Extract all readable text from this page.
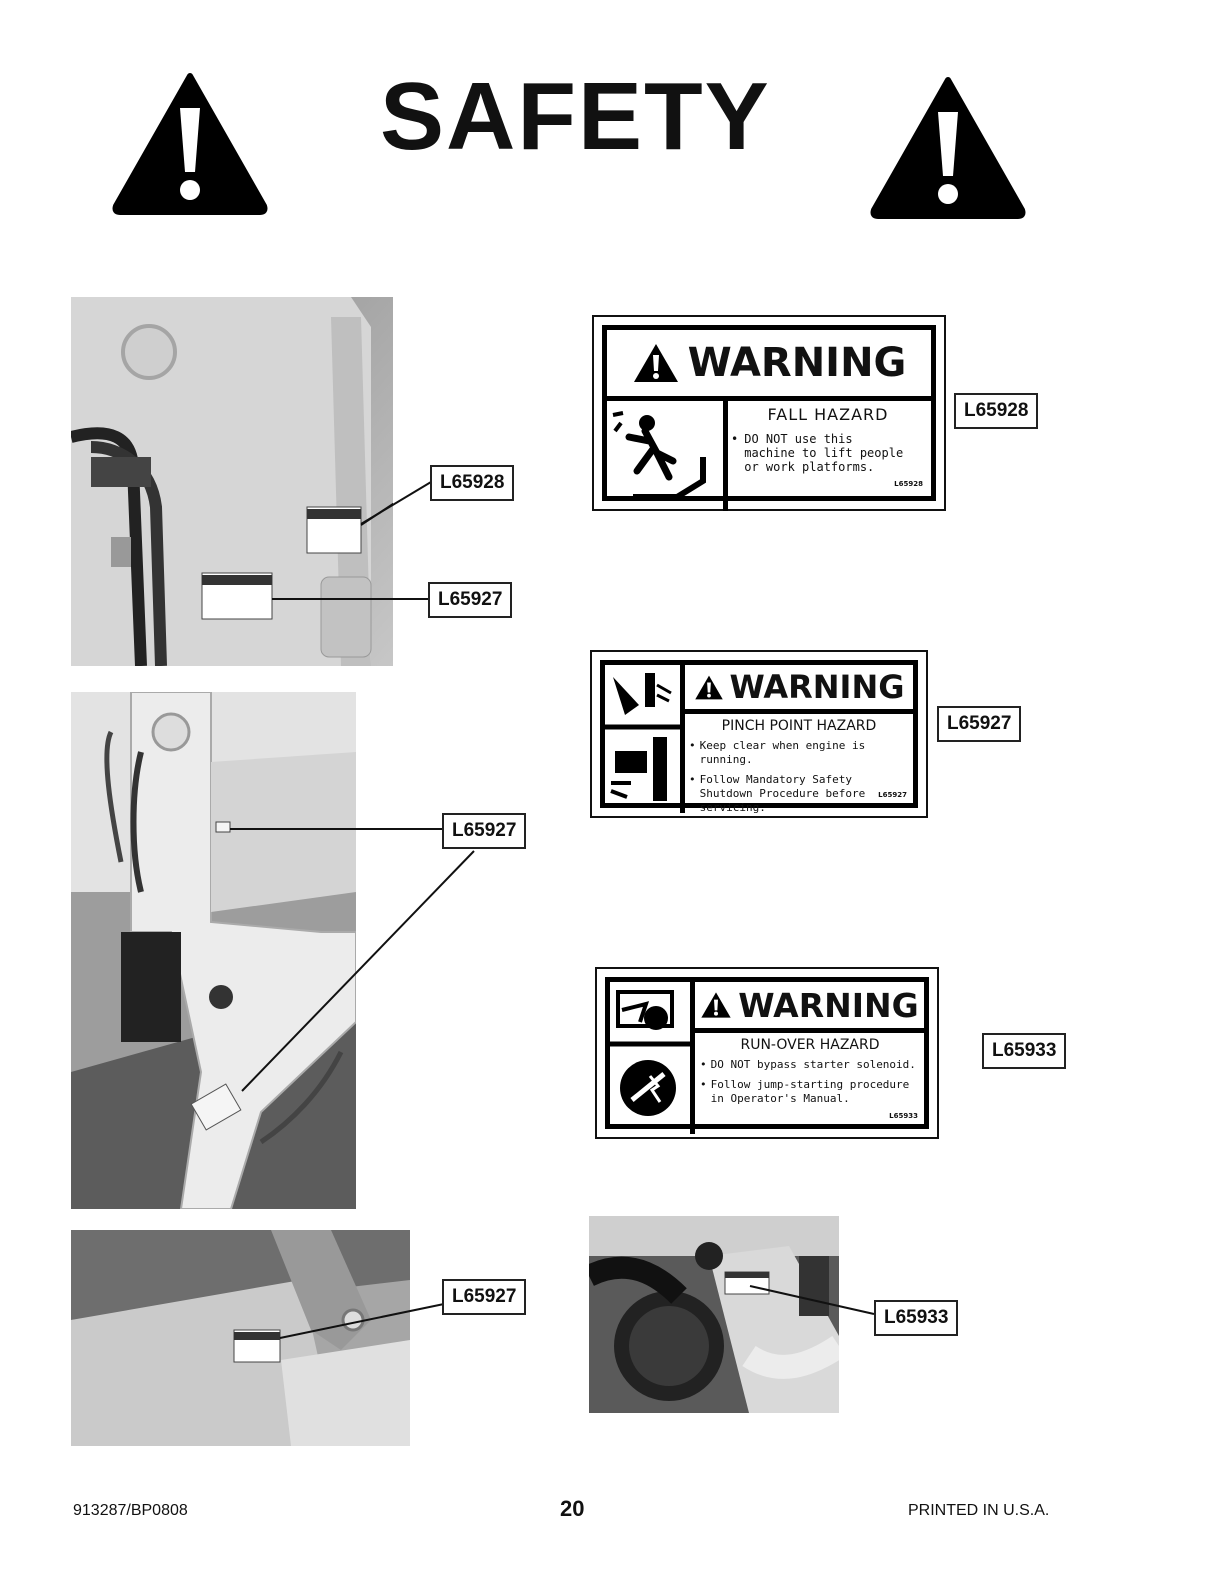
SAFETY
L65928
L65927
L65927
L65927
WARNING
FALL HAZARD
• DO NOT use this machine to lift people or work platforms.
L65928
L65928
WARNING
PINCH POINT HAZARD
• Keep clear when engine is running.
• Follow Mandatory Safety Shutdown Procedure before servicing.
L65927
L65927
WARNING
RUN-OVER HAZARD
• DO NOT bypass starter solenoid.
• Follow jump-starting procedure in Operator's Manual.
L65933
L65933
L65933
913287/BP0808	20	PRINTED IN U.S.A.
